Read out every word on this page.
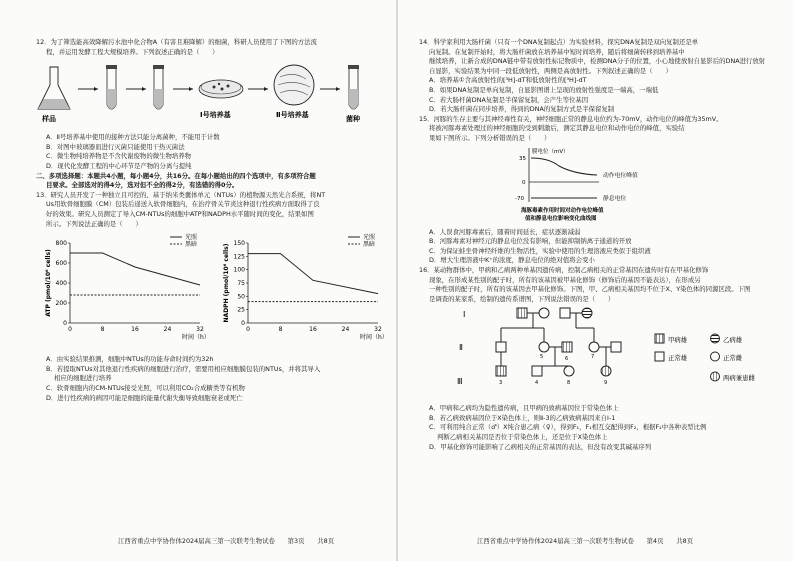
12．为了筛选能高效降解污水池中化合物A（有害且难降解）的细菌，科研人员使用了下图的方法流

程，并运用发酵工程大规模培养。下列叙述正确的是（　　）

样品	Ⅰ号培养基	Ⅱ号培养基	菌种

A．Ⅱ号培养基中使用的接种方法只能分离菌种，不能用于计数

B．对图中玻璃器皿进行灭菌只能使用干热灭菌法

C．微生物纯培养物是不含代谢废物的微生物培养物

D．现代化发酵工程的中心环节是产物的分离与提纯

二、多项选择题：本题共4小题，每小题4分，共16分。在每小题给出的四个选项中，有多项符合题

目要求。全部选对的得4分，选对但不全的得2分，有选错的得0分。

13．研究人员开发了一种独立且可控的、基于纳米类囊体单元（NTUs）的植物源天然光合系统，将NT

Us用软骨细胞膜（CM）包装后递送入软骨细胞内，在治疗骨关节炎这种退行性疾病方面取得了良

好的效果。研究人员测定了导入CM-NTUs的细胞中ATP和NADPH水平随时间的变化，结果如图

所示。下列说法正确的是（　　）

0
200
400
600
800
0	8	16	24	32
时间（h）
ATP (pmol/10⁶ cells)
光照
黑暗
0
25
50
75
100
125
150
0	8	16	24	32
时间（h
NADPH (pmol/10⁶ cells)
光照
黑暗

A．由实验结果推测，细胞中NTUs的功能寿命时间约为32h

B．若提取NTUs对其他退行性疾病的细胞进行治疗，需要用相应细胞膜包装的NTUs，并将其导入

相应的细胞进行培养

C．软骨细胞内的CM-NTUs接受光照，可以利用CO₂合成糖类等有机物

D．进行性疾病的病因可能是细胞的能量代谢失衡导致细胞衰老或死亡

江西省重点中学协作体2024届高三第一次联考生物试卷　　第3页　　共8页

14．科学家利用大肠杆菌（只有一个DNA复制起点）为实验材料，探究DNA复制是双向复制还是单

向复制。在复制开始时，将大肠杆菌放在培养基中短时间培养，随后将细菌转移到培养基中

继续培养，让新合成的DNA链中带有放射性标记物质中，检测DNA分子的位置，小心地使放射自显影后的DNA进行放射

自显影，实验结果为中同一段低放射性，两侧是高放射性。下列叙述正确的是（　　）

A．培养基①含高放射性的[³H]-dT和低放射性的[³H]-dT

B．如果DNA复制是单向复制，自显影图谱上呈现的放射性强度是一端高，一端低

C．若大肠杆菌DNA复制是半保留复制，会产生等位基因

D．若大肠杆菌在同步培养，得到的DNA的复制方式是半保留复制

15．河豚的生存主要与其神经毒性有关，神经细胞正常的静息电位约为-70mV，动作电位的峰值为35mV。

将被河豚毒素处理过的神经细胞的受到刺激后，测定其静息电位和动作电位的峰值，实验结

果如下图所示。下列分析错误的是（　　）

膜电位（mV）
35
0
-70
动作电位峰值
静息电位
海豚毒素作用时间对动作电位峰值
值和静息电位影响变化曲线图

A．人误食河豚毒素后，随着时间延长，症状逐渐减弱

B．河豚毒素对神经元的静息电位没有影响，但能抑制钠离子通道的开放

C．为保证蛙坐骨神经纤维的生物活性，实验中使用的生理溶液应类似于组织液

D．增大生理溶液中K⁺的浓度，静息电位的绝对值将会变小

16．某动物群体中，甲病和乙病两种单基因遗传病，控制乙病相关的正常基因在遗传时有在甲基化修饰

现象，在形成某性别的配子时，所有的该基因被甲基化修饰（修饰后的基因不能表达），在形成另

一种性别的配子时，所有的该基因去甲基化修饰。下图，甲、乙病相关基因均不位于X、Y染色体的同源区段。下图

是调查的某家系，绘制的遗传系谱图，下列说法错误的是（　　）

Ⅰ
Ⅱ
Ⅲ	3	4
5	6	7
8	9
甲病雄	乙病雄
正常雄	正常雌
两病兼患雌

A．甲病和乙病均为隐性遗传病，且甲病的致病基因位于常染色体上

B．若乙病致病基因位于X染色体上，则Ⅱ-3的乙病致病基因来自Ⅰ-1

C．可利用纯合正常（♂）X纯合患乙病（♀），得到F₁，F₁相互交配得到F₂，根据F₂中各种表型比例

判断乙病相关基因是否位于常染色体上，还是位于X染色体上

D．甲基化修饰可能影响了乙病相关的正常基因的表达，但没有改变其碱基序列

江西省重点中学协作体2024届高三第一次联考生物试卷　　第4页　　共8页
